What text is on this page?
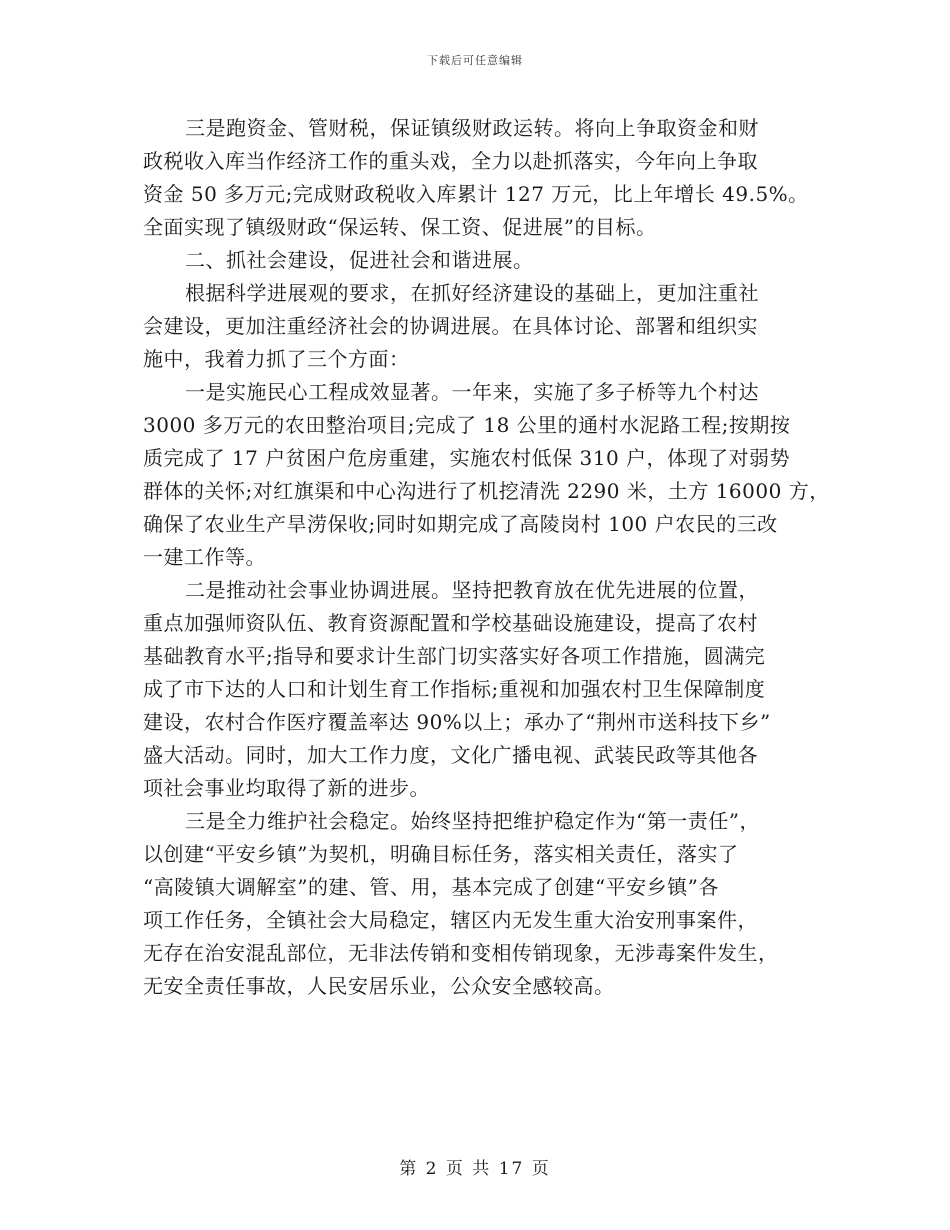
下载后可任意编辑
三是跑资金、管财税，保证镇级财政运转。将向上争取资金和财
政税收入库当作经济工作的重头戏，全力以赴抓落实，今年向上争取
资金 50 多万元;完成财政税收入库累计 127 万元，比上年增长 49.5%。
全面实现了镇级财政“保运转、保工资、促进展”的目标。
二、抓社会建设，促进社会和谐进展。
根据科学进展观的要求，在抓好经济建设的基础上，更加注重社
会建设，更加注重经济社会的协调进展。在具体讨论、部署和组织实
施中，我着力抓了三个方面：
一是实施民心工程成效显著。一年来，实施了多子桥等九个村达
3000 多万元的农田整治项目;完成了 18 公里的通村水泥路工程;按期按
质完成了 17 户贫困户危房重建，实施农村低保 310 户，体现了对弱势
群体的关怀;对红旗渠和中心沟进行了机挖清洗 2290 米，土方 16000 方，
确保了农业生产旱涝保收;同时如期完成了高陵岗村 100 户农民的三改
一建工作等。
二是推动社会事业协调进展。坚持把教育放在优先进展的位置，
重点加强师资队伍、教育资源配置和学校基础设施建设，提高了农村
基础教育水平;指导和要求计生部门切实落实好各项工作措施，圆满完
成了市下达的人口和计划生育工作指标;重视和加强农村卫生保障制度
建设，农村合作医疗覆盖率达 90%以上；承办了“荆州市送科技下乡”
盛大活动。同时，加大工作力度，文化广播电视、武装民政等其他各
项社会事业均取得了新的进步。
三是全力维护社会稳定。始终坚持把维护稳定作为“第一责任”，
以创建“平安乡镇”为契机，明确目标任务，落实相关责任，落实了
“高陵镇大调解室”的建、管、用，基本完成了创建“平安乡镇”各
项工作任务，全镇社会大局稳定，辖区内无发生重大治安刑事案件，
无存在治安混乱部位，无非法传销和变相传销现象，无涉毒案件发生，
无安全责任事故，人民安居乐业，公众安全感较高。
第 2 页 共 17 页
